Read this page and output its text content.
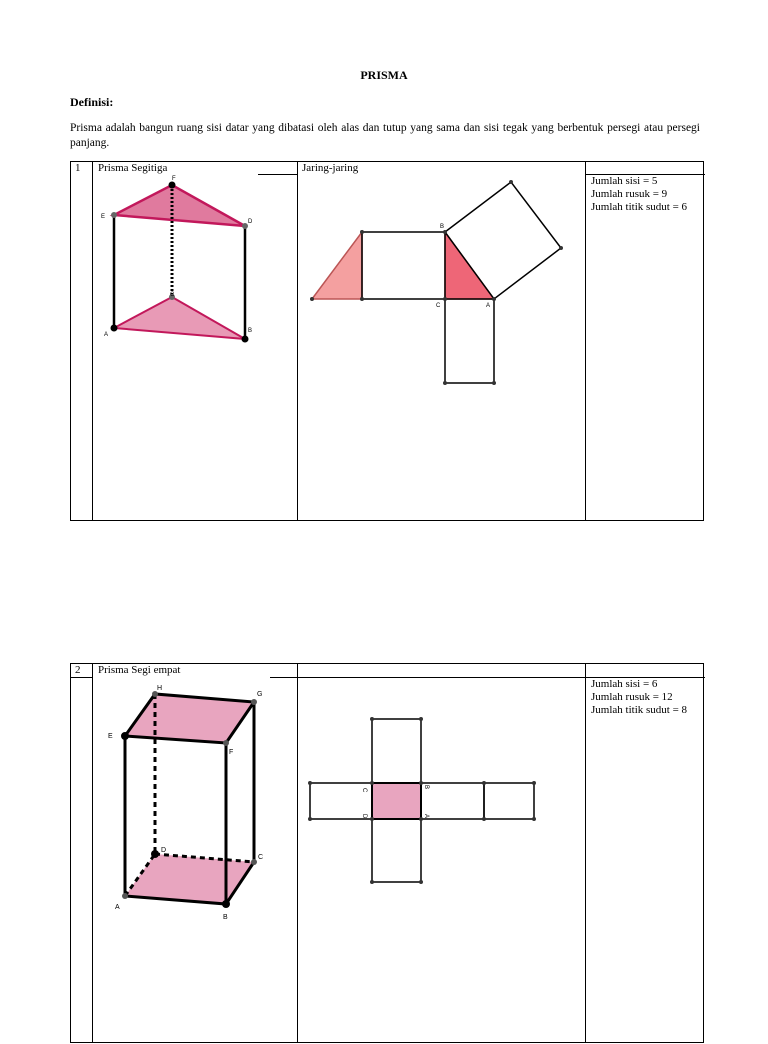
PRISMA
Definisi:
Prisma adalah bangun ruang sisi datar yang dibatasi oleh alas dan tutup yang sama dan sisi tegak yang berbentuk persegi atau persegi panjang.
1 Prisma Segitiga	Jaring-jaring
Jumlah sisi = 5
Jumlah rusuk = 9
Jumlah titik sudut = 6
A
B
C
D
E
F
B
C	A
2 Prisma Segi empat
Jumlah sisi = 6
Jumlah rusuk = 12
Jumlah titik sudut = 8
A
B
C
D
E
F
G
H
C
B
D	A
